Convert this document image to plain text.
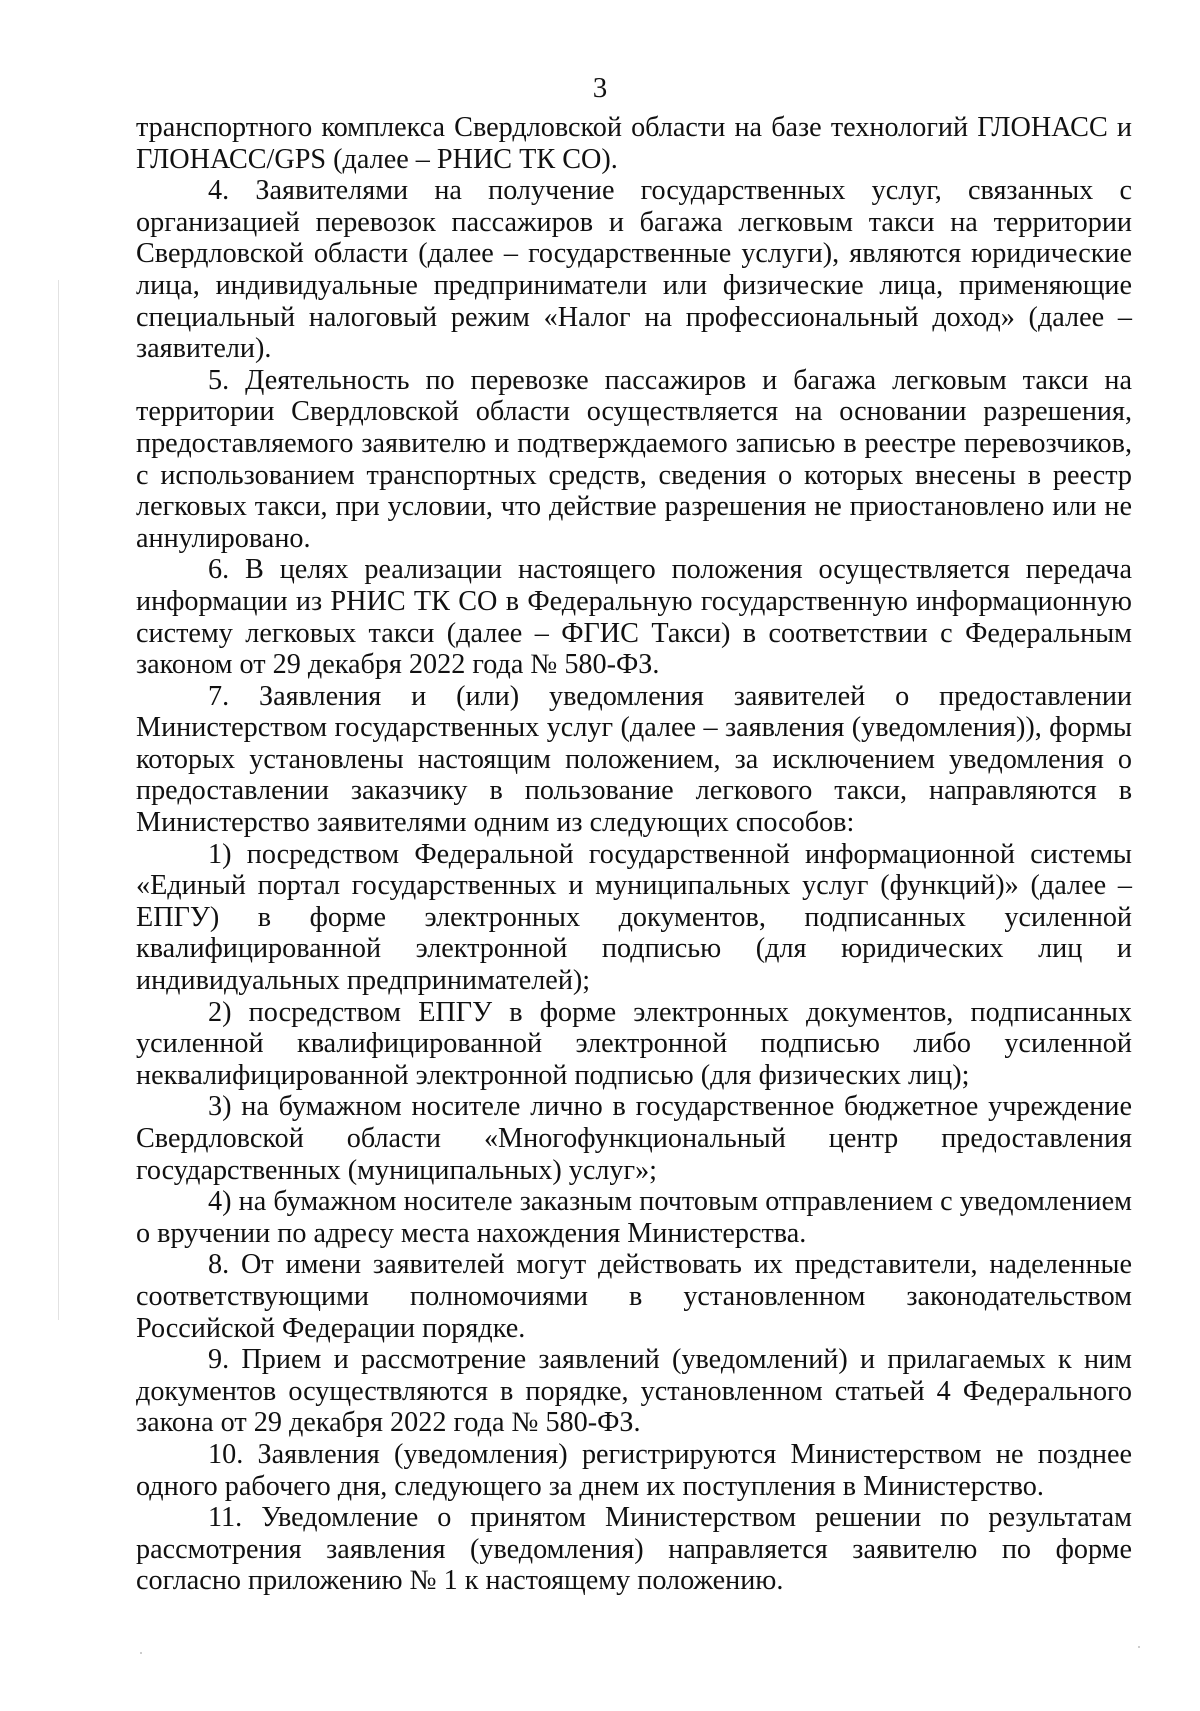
3

транспортного комплекса Свердловской области на базе технологий ГЛОНАСС и ГЛОНАСС/GPS (далее – РНИС ТК СО).

4. Заявителями на получение государственных услуг, связанных с организацией перевозок пассажиров и багажа легковым такси на территории Свердловской области (далее – государственные услуги), являются юридические лица, индивидуальные предприниматели или физические лица, применяющие специальный налоговый режим «Налог на профессиональный доход» (далее – заявители).

5. Деятельность по перевозке пассажиров и багажа легковым такси на территории Свердловской области осуществляется на основании разрешения, предоставляемого заявителю и подтверждаемого записью в реестре перевозчиков, с использованием транспортных средств, сведения о которых внесены в реестр легковых такси, при условии, что действие разрешения не приостановлено или не аннулировано.

6. В целях реализации настоящего положения осуществляется передача информации из РНИС ТК СО в Федеральную государственную информационную систему легковых такси (далее – ФГИС Такси) в соответствии с Федеральным законом от 29 декабря 2022 года № 580-ФЗ.

7. Заявления и (или) уведомления заявителей о предоставлении Министерством государственных услуг (далее – заявления (уведомления)), формы которых установлены настоящим положением, за исключением уведомления о предоставлении заказчику в пользование легкового такси, направляются в Министерство заявителями одним из следующих способов:

1) посредством Федеральной государственной информационной системы «Единый портал государственных и муниципальных услуг (функций)» (далее – ЕПГУ) в форме электронных документов, подписанных усиленной квалифицированной электронной подписью (для юридических лиц и индивидуальных предпринимателей);

2) посредством ЕПГУ в форме электронных документов, подписанных усиленной квалифицированной электронной подписью либо усиленной неквалифицированной электронной подписью (для физических лиц);

3) на бумажном носителе лично в государственное бюджетное учреждение Свердловской области «Многофункциональный центр предоставления государственных (муниципальных) услуг»;

4) на бумажном носителе заказным почтовым отправлением с уведомлением о вручении по адресу места нахождения Министерства.

8. От имени заявителей могут действовать их представители, наделенные соответствующими полномочиями в установленном законодательством Российской Федерации порядке.

9. Прием и рассмотрение заявлений (уведомлений) и прилагаемых к ним документов осуществляются в порядке, установленном статьей 4 Федерального закона от 29 декабря 2022 года № 580-ФЗ.

10. Заявления (уведомления) регистрируются Министерством не позднее одного рабочего дня, следующего за днем их поступления в Министерство.

11. Уведомление о принятом Министерством решении по результатам рассмотрения заявления (уведомления) направляется заявителю по форме согласно приложению № 1 к настоящему положению.
